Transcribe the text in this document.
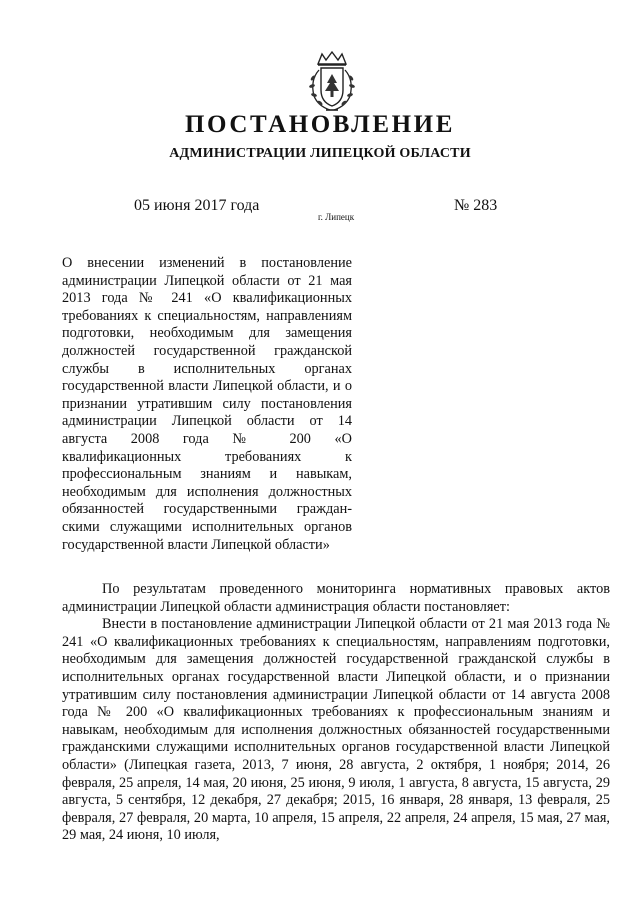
ПОСТАНОВЛЕНИЕ
АДМИНИСТРАЦИИ ЛИПЕЦКОЙ ОБЛАСТИ
05 июня 2017 года
г. Липецк
№ 283
О внесении изменений в постановление администрации Липецкой области от 21 мая 2013 года № 241 «О квалификационных требованиях к специальностям, направлениям подготовки, необходимым для замещения должностей государственной гражданской службы в исполнительных органах государственной власти Липецкой области, и о признании утратившим силу постановления администрации Липецкой области от 14 августа 2008 года № 200 «О квалификационных требованиях к профессиональным знаниям и навыкам, необходимым для исполнения должностных обязанностей государственными граждан-скими служащими исполнительных органов государственной власти Липецкой области»

По результатам проведенного мониторинга нормативных правовых актов администрации Липецкой области администрация области постановляет:

Внести в постановление администрации Липецкой области от 21 мая 2013 года № 241 «О квалификационных требованиях к специальностям, направлениям подготовки, необходимым для замещения должностей государственной гражданской службы в исполнительных органах государственной власти Липецкой области, и о признании утратившим силу постановления администрации Липецкой области от 14 августа 2008 года № 200 «О квалификационных требованиях к профессиональным знаниям и навыкам, необходимым для исполнения должностных обязанностей государственными гражданскими служащими исполнительных органов государственной власти Липецкой области» (Липецкая газета, 2013, 7 июня, 28 августа, 2 октября, 1 ноября; 2014, 26 февраля, 25 апреля, 14 мая, 20 июня, 25 июня, 9 июля, 1 августа, 8 августа, 15 августа, 29 августа, 5 сентября, 12 декабря, 27 декабря; 2015, 16 января, 28 января, 13 февраля, 25 февраля, 27 февраля, 20 марта, 10 апреля, 15 апреля, 22 апреля, 24 апреля, 15 мая, 27 мая, 29 мая, 24 июня, 10 июля,
